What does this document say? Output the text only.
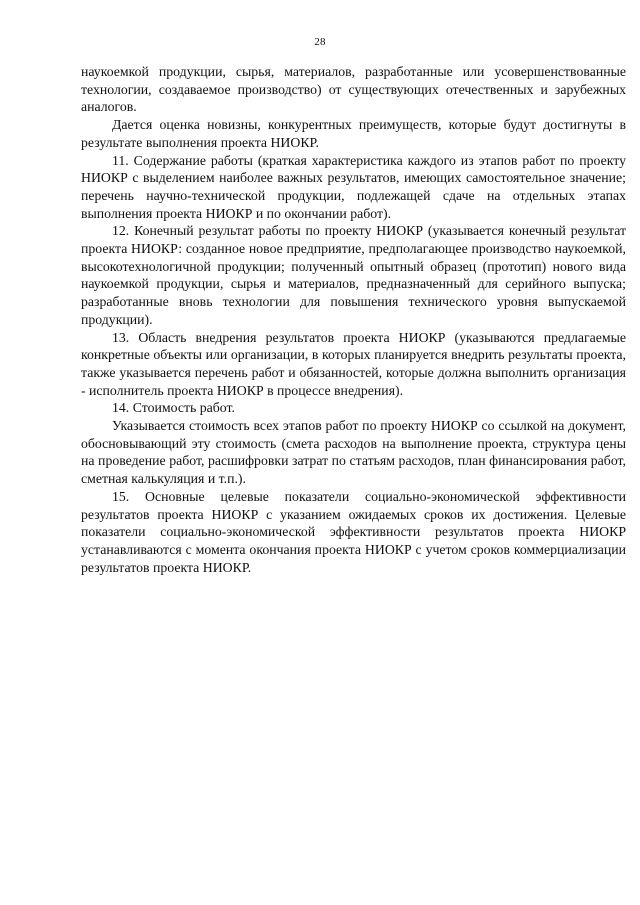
28

наукоемкой продукции, сырья, материалов, разработанные или усовершенствованные технологии, создаваемое производство) от существующих отечественных и зарубежных аналогов.

Дается оценка новизны, конкурентных преимуществ, которые будут достигнуты в результате выполнения проекта НИОКР.

11. Содержание работы (краткая характеристика каждого из этапов работ по проекту НИОКР с выделением наиболее важных результатов, имеющих самостоятельное значение; перечень научно-технической продукции, подлежащей сдаче на отдельных этапах выполнения проекта НИОКР и по окончании работ).

12. Конечный результат работы по проекту НИОКР (указывается конечный результат проекта НИОКР: созданное новое предприятие, предполагающее производство наукоемкой, высокотехнологичной продукции; полученный опытный образец (прототип) нового вида наукоемкой продукции, сырья и материалов, предназначенный для серийного выпуска; разработанные вновь технологии для повышения технического уровня выпускаемой продукции).

13. Область внедрения результатов проекта НИОКР (указываются предлагаемые конкретные объекты или организации, в которых планируется внедрить результаты проекта, также указывается перечень работ и обязанностей, которые должна выполнить организация - исполнитель проекта НИОКР в процессе внедрения).

14. Стоимость работ.

Указывается стоимость всех этапов работ по проекту НИОКР со ссылкой на документ, обосновывающий эту стоимость (смета расходов на выполнение проекта, структура цены на проведение работ, расшифровки затрат по статьям расходов, план финансирования работ, сметная калькуляция и т.п.).

15. Основные целевые показатели социально-экономической эффективности результатов проекта НИОКР с указанием ожидаемых сроков их достижения. Целевые показатели социально-экономической эффективности результатов проекта НИОКР устанавливаются с момента окончания проекта НИОКР с учетом сроков коммерциализации результатов проекта НИОКР.
